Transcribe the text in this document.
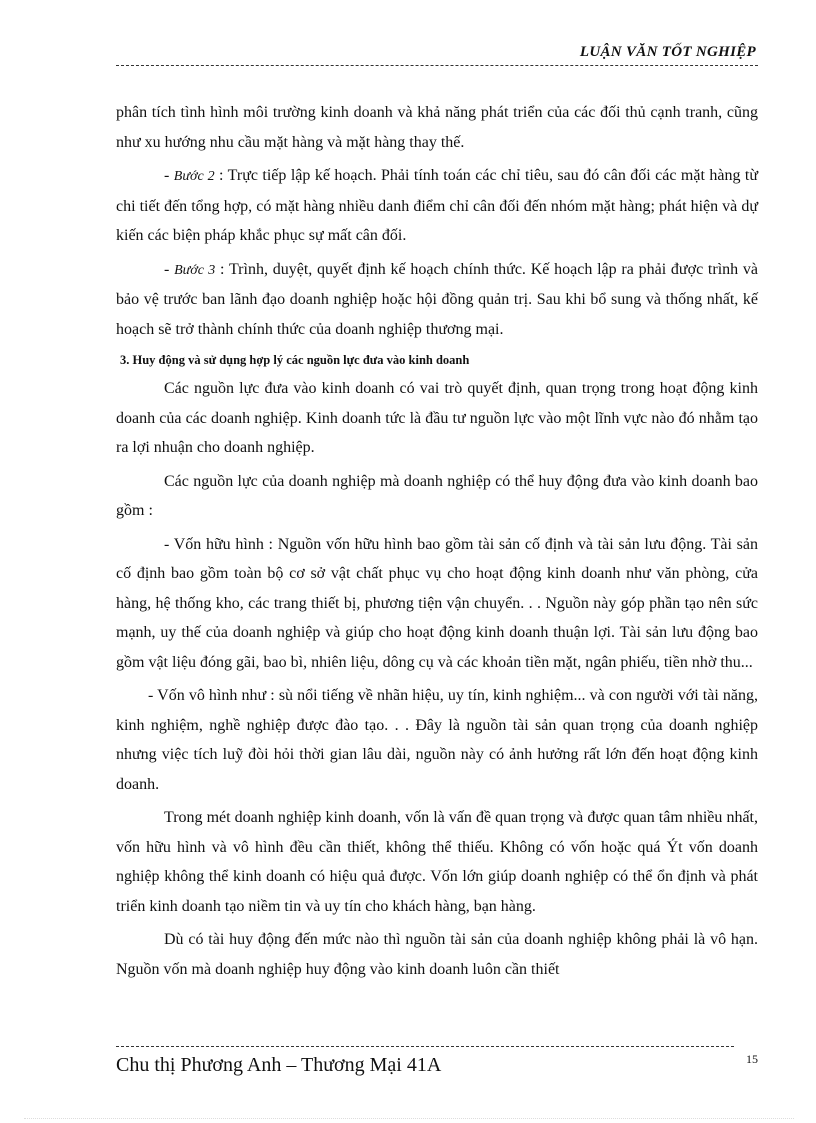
LUẬN VĂN TỐT NGHIỆP

phân tích tình hình môi trường kinh doanh và khả năng phát triển của các đối thủ cạnh tranh, cũng như xu hướng nhu cầu mặt hàng và mặt hàng thay thế.

- Bước 2 : Trực tiếp lập kế hoạch. Phải tính toán các chỉ tiêu, sau đó cân đối các mặt hàng từ chi tiết đến tổng hợp, có mặt hàng nhiều danh điểm chỉ cân đối đến nhóm mặt hàng; phát hiện và dự kiến các biện pháp khắc phục sự mất cân đối.

- Bước 3 : Trình, duyệt, quyết định kế hoạch chính thức. Kế hoạch lập ra phải được trình và bảo vệ trước ban lãnh đạo doanh nghiệp hoặc hội đồng quản trị. Sau khi bổ sung và thống nhất, kế hoạch sẽ trở thành chính thức của doanh nghiệp thương mại.

3. Huy động và sử dụng hợp lý các nguồn lực đưa vào kinh doanh

Các nguồn lực đưa vào kinh doanh có vai trò quyết định, quan trọng trong hoạt động kinh doanh của các doanh nghiệp. Kinh doanh tức là đầu tư nguồn lực vào một lĩnh vực nào đó nhằm tạo ra lợi nhuận cho doanh nghiệp.

Các nguồn lực của doanh nghiệp mà doanh nghiệp có thể huy động đưa vào kinh doanh bao gồm :

- Vốn hữu hình : Nguồn vốn hữu hình bao gồm tài sản cố định và tài sản lưu động. Tài sản cố định bao gồm toàn bộ cơ sở vật chất phục vụ cho hoạt động kinh doanh như văn phòng, cửa hàng, hệ thống kho, các trang thiết bị, phương tiện vận chuyển. . . Nguồn này góp phần tạo nên sức mạnh, uy thế của doanh nghiệp và giúp cho hoạt động kinh doanh thuận lợi. Tài sản lưu động bao gồm vật liệu đóng gãi, bao bì, nhiên liệu, dông cụ và các khoản tiền mặt, ngân phiếu, tiền nhờ thu...

- Vốn vô hình như : sù nổi tiếng về nhãn hiệu, uy tín, kinh nghiệm... và con người với tài năng, kinh nghiệm, nghề nghiệp được đào tạo. . . Đây là nguồn tài sản quan trọng của doanh nghiệp nhưng việc tích luỹ đòi hỏi thời gian lâu dài, nguồn này có ảnh hưởng rất lớn đến hoạt động kinh doanh.

Trong mét doanh nghiệp kinh doanh, vốn là vấn đề quan trọng và được quan tâm nhiều nhất, vốn hữu hình và vô hình đều cần thiết, không thể thiếu. Không có vốn hoặc quá Ýt vốn doanh nghiệp không thể kinh doanh có hiệu quả được. Vốn lớn giúp doanh nghiệp có thể ổn định và phát triển kinh doanh tạo niềm tin và uy tín cho khách hàng, bạn hàng.

Dù có tài huy động đến mức nào thì nguồn tài sản của doanh nghiệp không phải là vô hạn. Nguồn vốn mà doanh nghiệp huy động vào kinh doanh luôn cần thiết

Chu thị Phương Anh – Thương Mại 41A	15
